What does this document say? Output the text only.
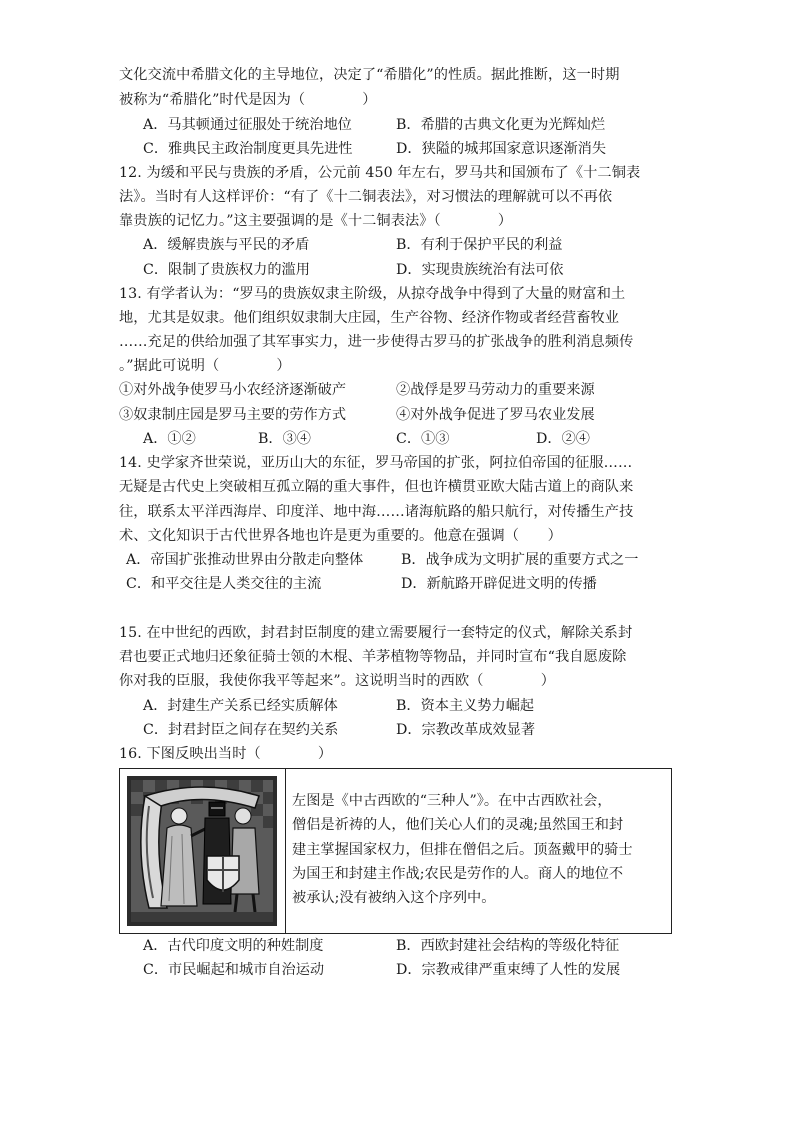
文化交流中希腊文化的主导地位，决定了“希腊化”的性质。据此推断，这一时期
被称为“希腊化”时代是因为（　　　　）
A．马其顿通过征服处于统治地位	B．希腊的古典文化更为光辉灿烂
C．雅典民主政治制度更具先进性	D．狭隘的城邦国家意识逐渐消失
12. 为缓和平民与贵族的矛盾，公元前 450 年左右，罗马共和国颁布了《十二铜表
法》。当时有人这样评价：“有了《十二铜表法》，对习惯法的理解就可以不再依
靠贵族的记忆力。”这主要强调的是《十二铜表法》（　　　　）
A．缓解贵族与平民的矛盾	B．有利于保护平民的利益
C．限制了贵族权力的滥用	D．实现贵族统治有法可依
13. 有学者认为：“罗马的贵族奴隶主阶级，从掠夺战争中得到了大量的财富和土
地，尤其是奴隶。他们组织奴隶制大庄园，生产谷物、经济作物或者经营畜牧业
……充足的供给加强了其军事实力，进一步使得古罗马的扩张战争的胜利消息频传
。”据此可说明（　　　　）
①对外战争使罗马小农经济逐渐破产	②战俘是罗马劳动力的重要来源
③奴隶制庄园是罗马主要的劳作方式	④对外战争促进了罗马农业发展
A．①②	B．③④	C．①③	D．②④
14. 史学家齐世荣说，亚历山大的东征，罗马帝国的扩张，阿拉伯帝国的征服……
无疑是古代史上突破相互孤立隔的重大事件，但也许横贯亚欧大陆古道上的商队来
往，联系太平洋西海岸、印度洋、地中海……诸海航路的船只航行，对传播生产技
术、文化知识于古代世界各地也许是更为重要的。他意在强调（　　）
A．帝国扩张推动世界由分散走向整体	B．战争成为文明扩展的重要方式之一
C．和平交往是人类交往的主流	D．新航路开辟促进文明的传播
15. 在中世纪的西欧，封君封臣制度的建立需要履行一套特定的仪式，解除关系封
君也要正式地归还象征骑士领的木棍、羊茅植物等物品，并同时宣布“我自愿废除
你对我的臣服，我使你我平等起来”。这说明当时的西欧（　　　　）
A．封建生产关系已经实质解体	B．资本主义势力崛起
C．封君封臣之间存在契约关系	D．宗教改革成效显著
16. 下图反映出当时（　　　　）
左图是《中古西欧的“三种人”》。在中古西欧社会，
僧侣是祈祷的人，他们关心人们的灵魂;虽然国王和封
建主掌握国家权力，但排在僧侣之后。顶盔戴甲的骑士
为国王和封建主作战;农民是劳作的人。商人的地位不
被承认;没有被纳入这个序列中。
A．古代印度文明的种姓制度	B．西欧封建社会结构的等级化特征
C．市民崛起和城市自治运动	D．宗教戒律严重束缚了人性的发展
